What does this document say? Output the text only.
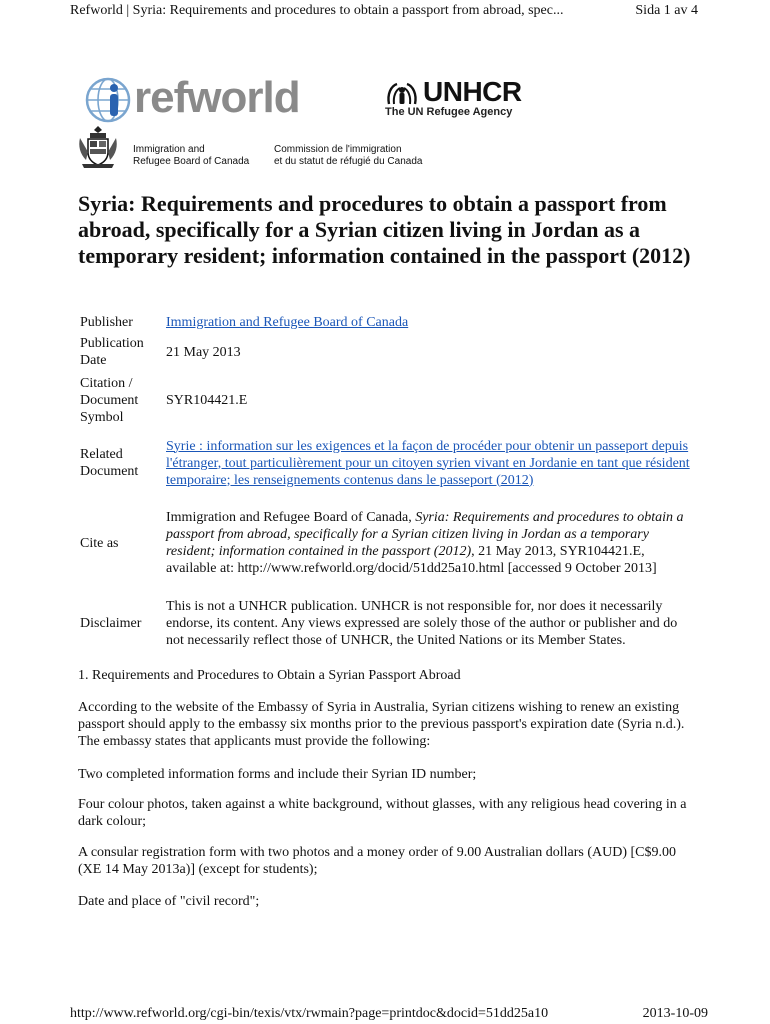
Refworld | Syria: Requirements and procedures to obtain a passport from abroad, spec...	Sida 1 av 4
refworld	UNHCR
The UN Refugee Agency
Immigration and
Refugee Board of Canada
Commission de l'immigration
et du statut de réfugié du Canada
Syria: Requirements and procedures to obtain a passport from abroad, specifically for a Syrian citizen living in Jordan as a temporary resident; information contained in the passport (2012)
Publisher	Immigration and Refugee Board of Canada
Publication Date	21 May 2013
Citation / Document Symbol	SYR104421.E
Related Document	Syrie : information sur les exigences et la façon de procéder pour obtenir un passeport depuis l'étranger, tout particulièrement pour un citoyen syrien vivant en Jordanie en tant que résident temporaire; les renseignements contenus dans le passeport (2012)
Cite as	Immigration and Refugee Board of Canada, Syria: Requirements and procedures to obtain a passport from abroad, specifically for a Syrian citizen living in Jordan as a temporary resident; information contained in the passport (2012), 21 May 2013, SYR104421.E, available at: http://www.refworld.org/docid/51dd25a10.html [accessed 9 October 2013]
Disclaimer	This is not a UNHCR publication. UNHCR is not responsible for, nor does it necessarily endorse, its content. Any views expressed are solely those of the author or publisher and do not necessarily reflect those of UNHCR, the United Nations or its Member States.
1. Requirements and Procedures to Obtain a Syrian Passport Abroad
According to the website of the Embassy of Syria in Australia, Syrian citizens wishing to renew an existing passport should apply to the embassy six months prior to the previous passport's expiration date (Syria n.d.). The embassy states that applicants must provide the following:
Two completed information forms and include their Syrian ID number;
Four colour photos, taken against a white background, without glasses, with any religious head covering in a dark colour;
A consular registration form with two photos and a money order of 9.00 Australian dollars (AUD) [C$9.00 (XE 14 May 2013a)] (except for students);
Date and place of "civil record";
http://www.refworld.org/cgi-bin/texis/vtx/rwmain?page=printdoc&docid=51dd25a10	2013-10-09
